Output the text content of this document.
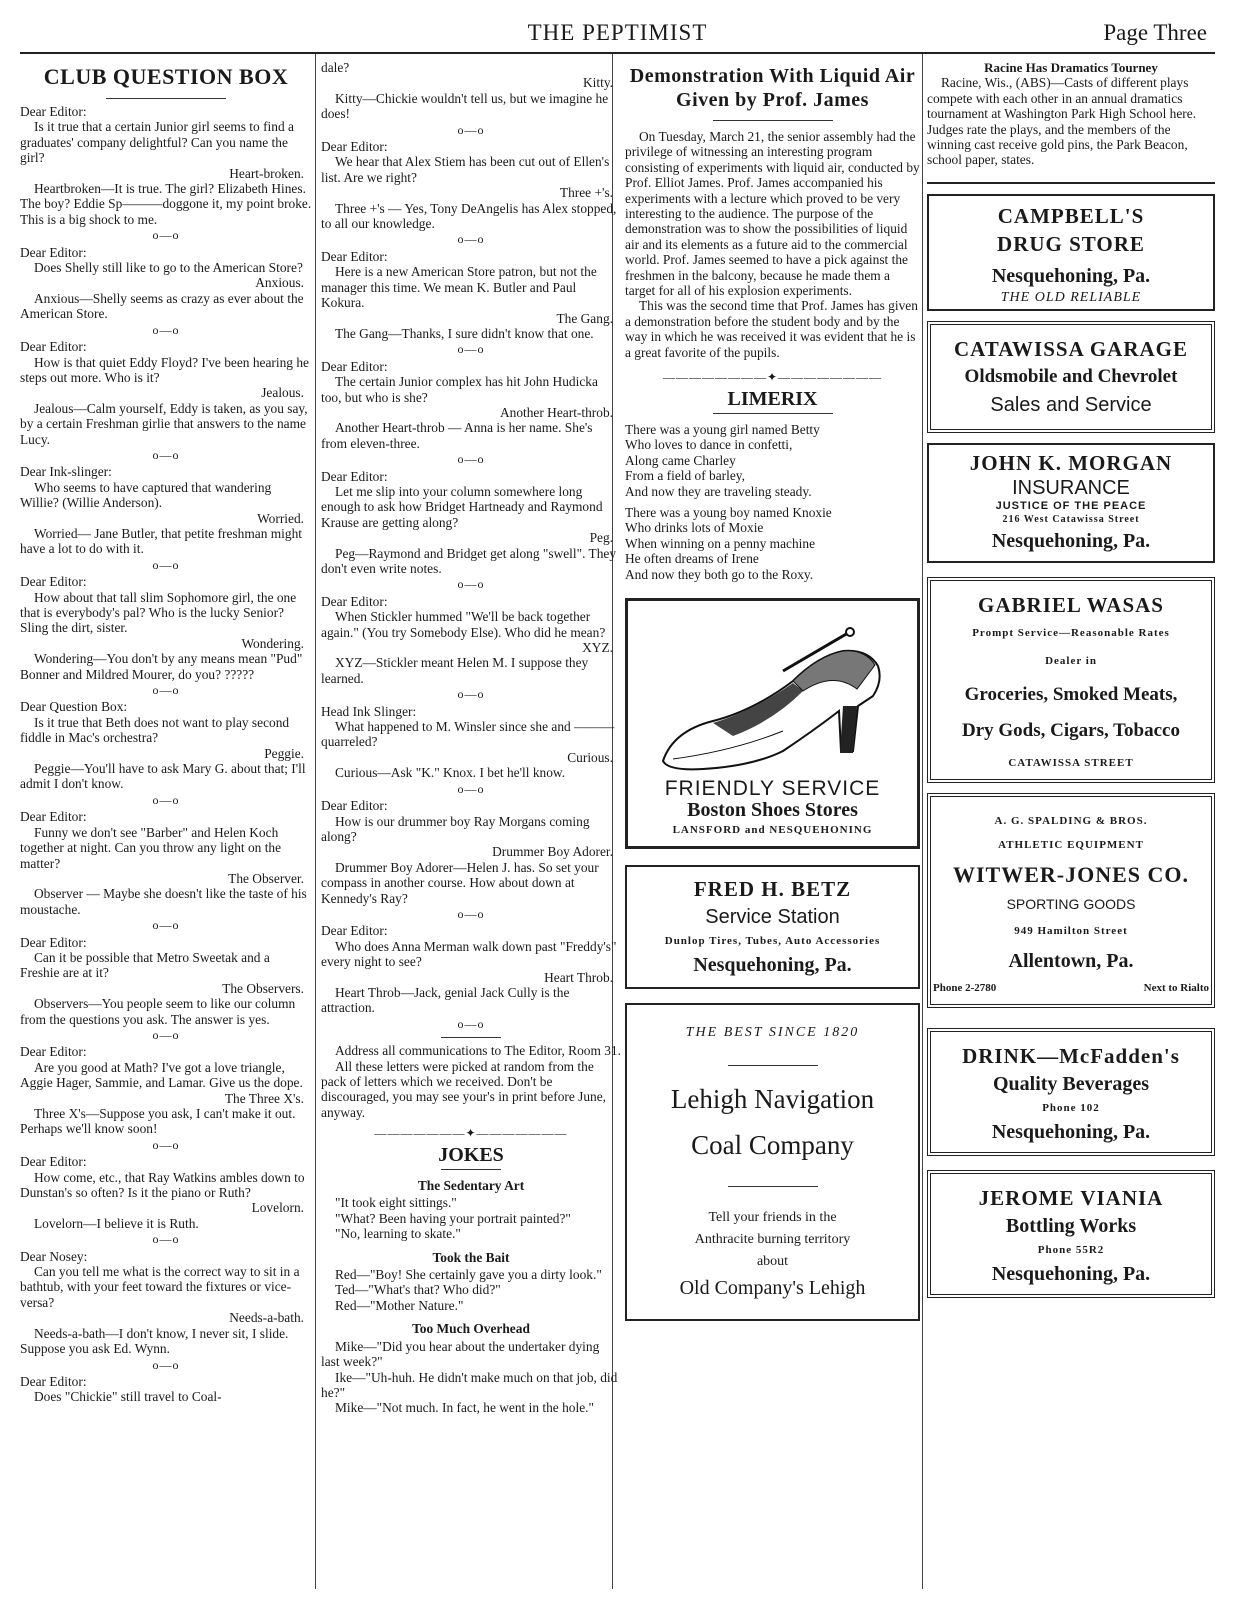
THE PEPTIMIST	Page Three
CLUB QUESTION BOX
Dear Editor:
Is it true that a certain Junior girl seems to find a graduates' company delightful? Can you name the girl?
Heart-broken.
Heartbroken—It is true. The girl? Elizabeth Hines. The boy? Eddie Sp———doggone it, my point broke. This is a big shock to me.
o—o
Dear Editor:
Does Shelly still like to go to the American Store?
Anxious.
Anxious—Shelly seems as crazy as ever about the American Store.
o—o
Dear Editor:
How is that quiet Eddy Floyd? I've been hearing he steps out more. Who is it?
Jealous.
Jealous—Calm yourself, Eddy is taken, as you say, by a certain Freshman girlie that answers to the name Lucy.
o—o
Dear Ink-slinger:
Who seems to have captured that wandering Willie? (Willie Anderson).
Worried.
Worried— Jane Butler, that petite freshman might have a lot to do with it.
o—o
Dear Editor:
How about that tall slim Sophomore girl, the one that is everybody's pal? Who is the lucky Senior? Sling the dirt, sister.
Wondering.
Wondering—You don't by any means mean "Pud" Bonner and Mildred Mourer, do you? ?????
o—o
Dear Question Box:
Is it true that Beth does not want to play second fiddle in Mac's orchestra?
Peggie.
Peggie—You'll have to ask Mary G. about that; I'll admit I don't know.
o—o
Dear Editor:
Funny we don't see "Barber" and Helen Koch together at night. Can you throw any light on the matter?
The Observer.
Observer — Maybe she doesn't like the taste of his moustache.
o—o
Dear Editor:
Can it be possible that Metro Sweetak and a Freshie are at it?
The Observers.
Observers—You people seem to like our column from the questions you ask. The answer is yes.
o—o
Dear Editor:
Are you good at Math? I've got a love triangle, Aggie Hager, Sammie, and Lamar. Give us the dope.
The Three X's.
Three X's—Suppose you ask, I can't make it out. Perhaps we'll know soon!
o—o
Dear Editor:
How come, etc., that Ray Watkins ambles down to Dunstan's so often? Is it the piano or Ruth?
Lovelorn.
Lovelorn—I believe it is Ruth.
o—o
Dear Nosey:
Can you tell me what is the correct way to sit in a bathtub, with your feet toward the fixtures or vice-versa?
Needs-a-bath.
Needs-a-bath—I don't know, I never sit, I slide. Suppose you ask Ed. Wynn.
o—o
Dear Editor:
Does "Chickie" still travel to Coal-
dale?
Kitty.
Kitty—Chickie wouldn't tell us, but we imagine he does!
o—o
Dear Editor:
We hear that Alex Stiem has been cut out of Ellen's list. Are we right?
Three +'s.
Three +'s — Yes, Tony DeAngelis has Alex stopped, to all our knowledge.
o—o
Dear Editor:
Here is a new American Store patron, but not the manager this time. We mean K. Butler and Paul Kokura.
The Gang.
The Gang—Thanks, I sure didn't know that one.
o—o
Dear Editor:
The certain Junior complex has hit John Hudicka too, but who is she?
Another Heart-throb.
Another Heart-throb — Anna is her name. She's from eleven-three.
o—o
Dear Editor:
Let me slip into your column somewhere long enough to ask how Bridget Hartneady and Raymond Krause are getting along?
Peg.
Peg—Raymond and Bridget get along "swell". They don't even write notes.
o—o
Dear Editor:
When Stickler hummed "We'll be back together again." (You try Somebody Else). Who did he mean?
XYZ.
XYZ—Stickler meant Helen M. I suppose they learned.
o—o
Head Ink Slinger:
What happened to M. Winsler since she and ——— quarreled?
Curious.
Curious—Ask "K." Knox. I bet he'll know.
o—o
Dear Editor:
How is our drummer boy Ray Morgans coming along?
Drummer Boy Adorer.
Drummer Boy Adorer—Helen J. has. So set your compass in another course. How about down at Kennedy's Ray?
o—o
Dear Editor:
Who does Anna Merman walk down past "Freddy's" every night to see?
Heart Throb.
Heart Throb—Jack, genial Jack Cully is the attraction.
o—o
Address all communications to The Editor, Room 31.
All these letters were picked at random from the pack of letters which we received. Don't be discouraged, you may see your's in print before June, anyway.
———————✦———————
JOKES
The Sedentary Art
"It took eight sittings."
"What? Been having your portrait painted?"
"No, learning to skate."
Took the Bait
Red—"Boy! She certainly gave you a dirty look."
Ted—"What's that? Who did?"
Red—"Mother Nature."
Too Much Overhead
Mike—"Did you hear about the undertaker dying last week?"
Ike—"Uh-huh. He didn't make much on that job, did he?"
Mike—"Not much. In fact, he went in the hole."
Demonstration With Liquid Air Given by Prof. James
On Tuesday, March 21, the senior assembly had the privilege of witnessing an interesting program consisting of experiments with liquid air, conducted by Prof. Elliot James. Prof. James accompanied his experiments with a lecture which proved to be very interesting to the audience. The purpose of the demonstration was to show the possibilities of liquid air and its elements as a future aid to the commercial world. Prof. James seemed to have a pick against the freshmen in the balcony, because he made them a target for all of his explosion experiments.
This was the second time that Prof. James has given a demonstration before the student body and by the way in which he was received it was evident that he is a great favorite of the pupils.
————————✦————————
LIMERIX
There was a young girl named Betty
Who loves to dance in confetti,
Along came Charley
From a field of barley,
And now they are traveling steady.
There was a young boy named Knoxie
Who drinks lots of Moxie
When winning on a penny machine
He often dreams of Irene
And now they both go to the Roxy.
FRIENDLY SERVICE
Boston Shoes Stores
LANSFORD and NESQUEHONING
FRED H. BETZ
Service Station
Dunlop Tires, Tubes, Auto Accessories
Nesquehoning, Pa.
THE BEST SINCE 1820
Lehigh Navigation
Coal Company
Tell your friends in the
Anthracite burning territory
about
Old Company's Lehigh
Racine Has Dramatics Tourney
Racine, Wis., (ABS)—Casts of different plays compete with each other in an annual dramatics tournament at Washington Park High School here. Judges rate the plays, and the members of the winning cast receive gold pins, the Park Beacon, school paper, states.
CAMPBELL'S
DRUG STORE
Nesquehoning, Pa.
THE OLD RELIABLE
CATAWISSA GARAGE
Oldsmobile and Chevrolet
Sales and Service
JOHN K. MORGAN
INSURANCE
JUSTICE OF THE PEACE
216 West Catawissa Street
Nesquehoning, Pa.
GABRIEL WASAS
Prompt Service—Reasonable Rates
Dealer in
Groceries, Smoked Meats,
Dry Gods, Cigars, Tobacco
CATAWISSA STREET
A. G. SPALDING & BROS.
ATHLETIC EQUIPMENT
WITWER-JONES CO.
SPORTING GOODS
949 Hamilton Street
Allentown, Pa.
Phone 2-2780	Next to Rialto
DRINK—McFadden's
Quality Beverages
Phone 102
Nesquehoning, Pa.
JEROME VIANIA
Bottling Works
Phone 55R2
Nesquehoning, Pa.
